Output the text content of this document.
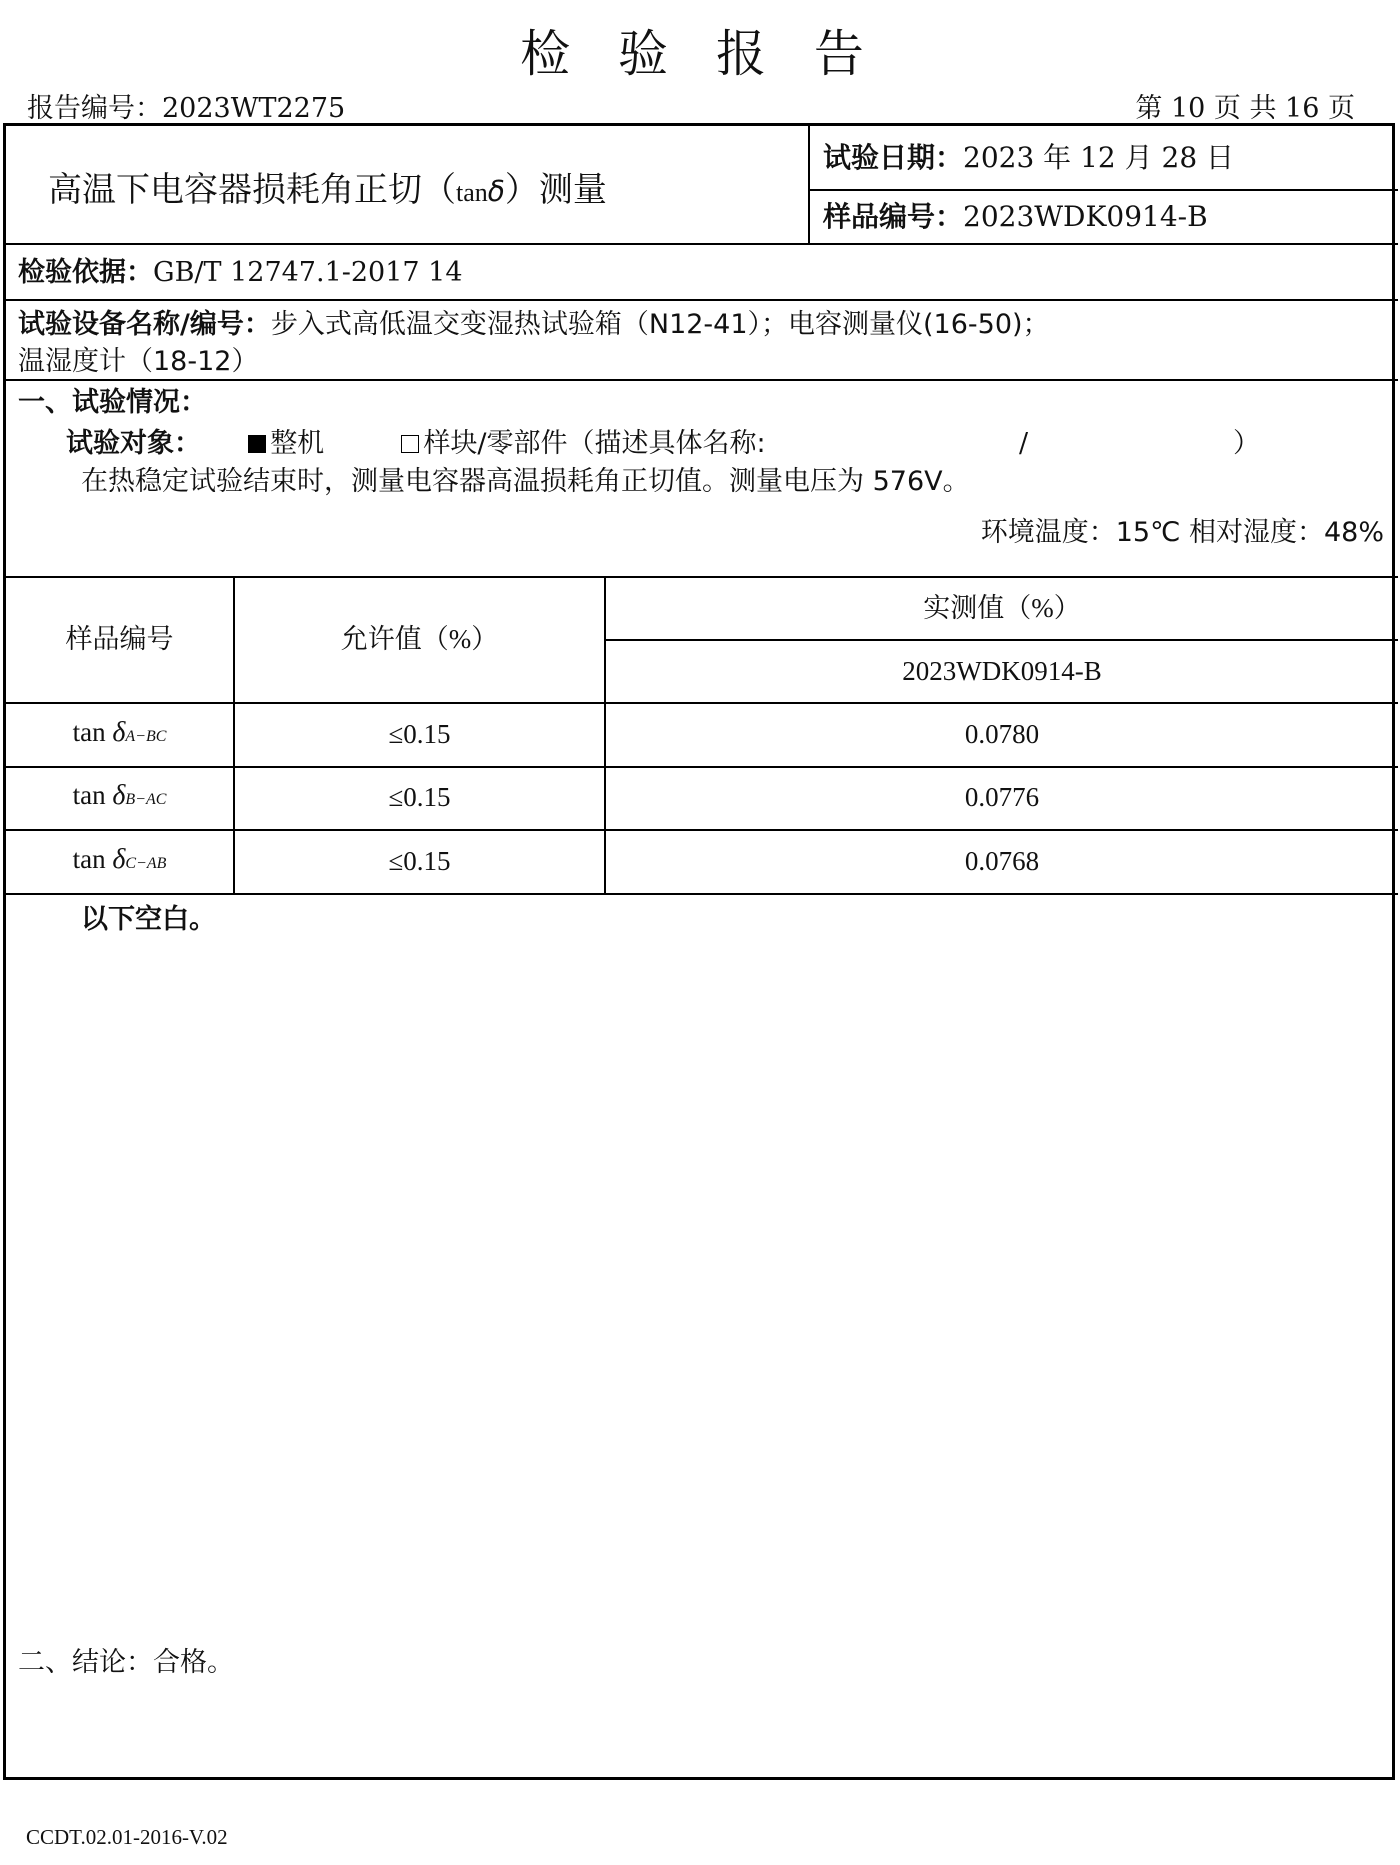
检 验 报 告
报告编号：2023WT2275	第 10 页 共 16 页
高温下电容器损耗角正切（tanδ）测量
试验日期：2023 年 12 月 28 日
样品编号：2023WDK0914-B
检验依据：GB/T 12747.1-2017 14
试验设备名称/编号：步入式高低温交变湿热试验箱（N12-41）；电容测量仪(16-50)；
温湿度计（18-12）
一、试验情况：
试验对象：	整机	样块/零部件（描述具体名称:	/	）
在热稳定试验结束时，测量电容器高温损耗角正切值。测量电压为 576V。
环境温度：15℃ 相对湿度：48%
样品编号	允许值（%）
实测值（%）
2023WDK0914-B
tan δA−BC	≤0.15	0.0780
tan δB−AC	≤0.15	0.0776
tan δC−AB	≤0.15	0.0768
以下空白。
二、结论：合格。
CCDT.02.01-2016-V.02
